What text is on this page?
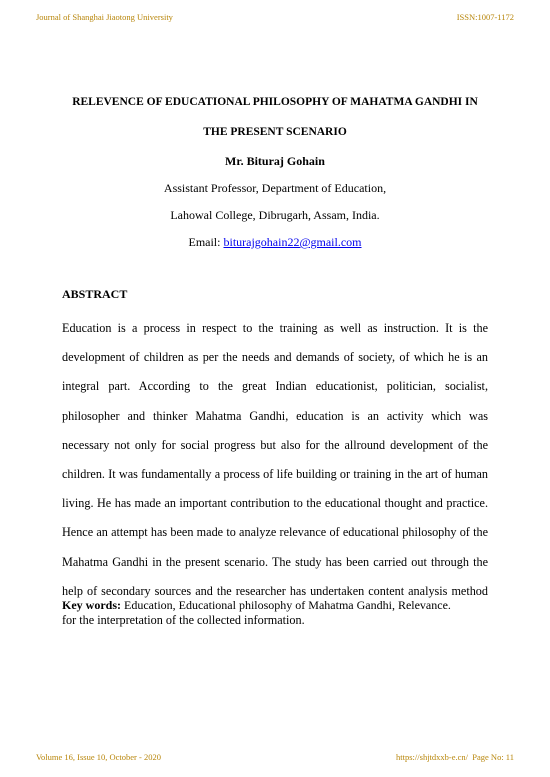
Journal of Shanghai Jiaotong University	ISSN:1007-1172
RELEVENCE OF EDUCATIONAL PHILOSOPHY OF MAHATMA GANDHI IN
THE PRESENT SCENARIO
Mr. Bituraj Gohain
Assistant Professor, Department of Education,
Lahowal College, Dibrugarh, Assam, India.
Email: biturajgohain22@gmail.com
ABSTRACT
Education is a process in respect to the training as well as instruction. It is the development of children as per the needs and demands of society, of which he is an integral part. According to the great Indian educationist, politician, socialist, philosopher and thinker Mahatma Gandhi, education is an activity which was necessary not only for social progress but also for the allround development of the children. It was fundamentally a process of life building or training in the art of human living. He has made an important contribution to the educational thought and practice. Hence an attempt has been made to analyze relevance of educational philosophy of the Mahatma Gandhi in the present scenario. The study has been carried out through the help of secondary sources and the researcher has undertaken content analysis method for the interpretation of the collected information.
Key words: Education, Educational philosophy of Mahatma Gandhi, Relevance.
Volume 16, Issue 10, October - 2020	https://shjtdxxb-e.cn/ Page No: 11
